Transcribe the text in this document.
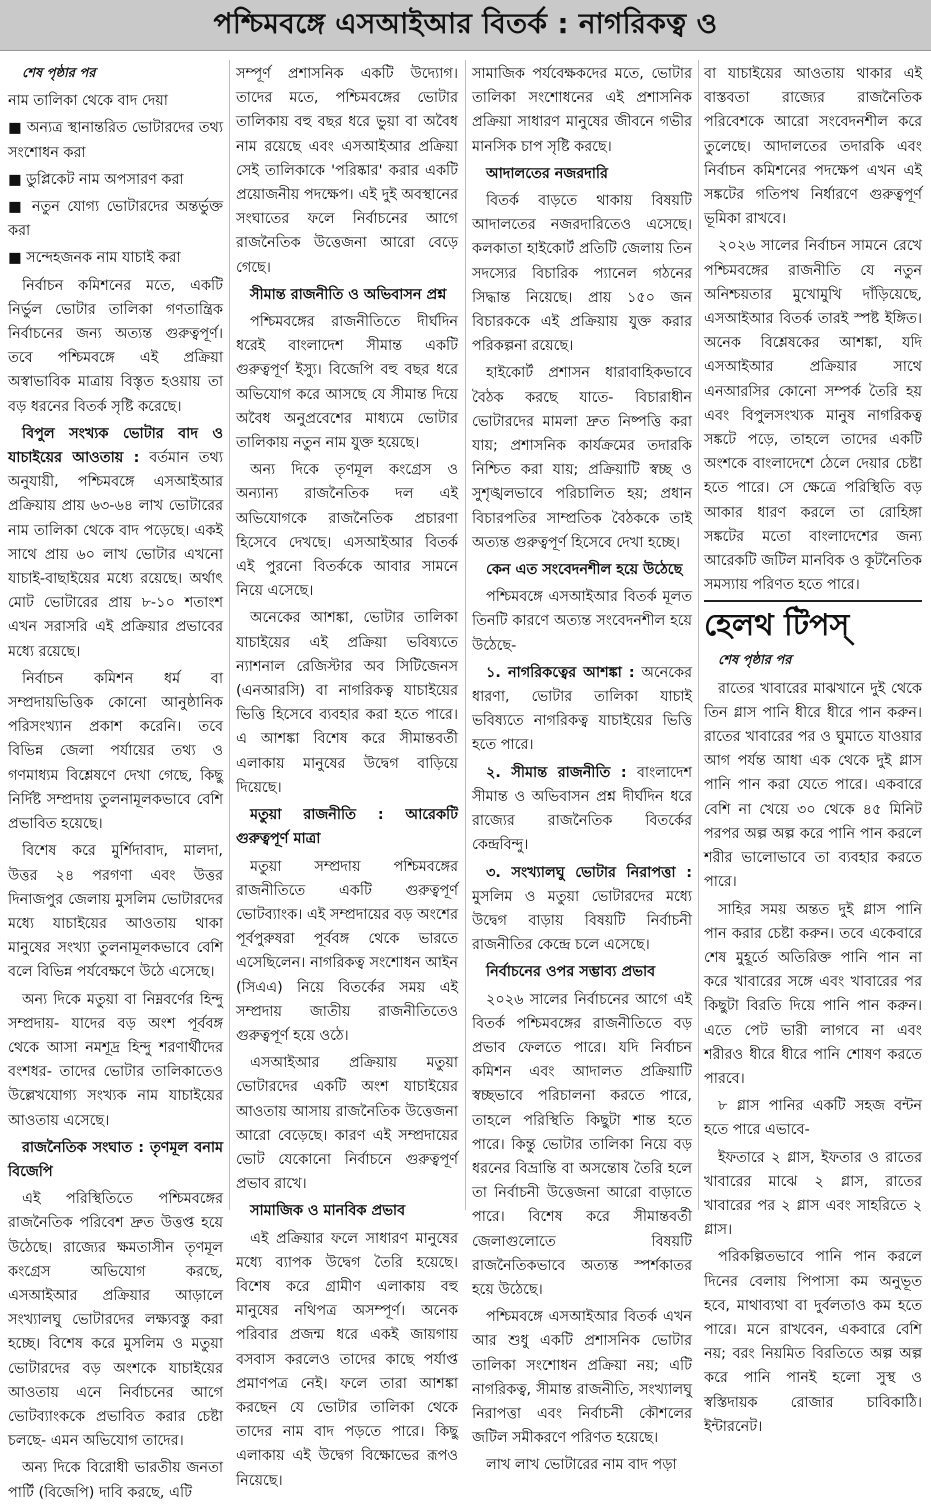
পশ্চিমবঙ্গে এসআইআর বিতর্ক : নাগরিকত্ব ও

শেষ পৃষ্ঠার পর

নাম তালিকা থেকে বাদ দেয়া

■ অন্যত্র স্থানান্তরিত ভোটারদের তথ্য সংশোধন করা

■ ডুপ্লিকেট নাম অপসারণ করা

■ নতুন যোগ্য ভোটারদের অন্তর্ভুক্ত করা

■ সন্দেহজনক নাম যাচাই করা

নির্বাচন কমিশনের মতে, একটি নির্ভুল ভোটার তালিকা গণতান্ত্রিক নির্বাচনের জন্য অত্যন্ত গুরুত্বপূর্ণ। তবে পশ্চিমবঙ্গে এই প্রক্রিয়া অস্বাভাবিক মাত্রায় বিস্তৃত হওয়ায় তা বড় ধরনের বিতর্ক সৃষ্টি করেছে।

বিপুল সংখ্যক ভোটার বাদ ও যাচাইয়ের আওতায় : বর্তমান তথ্য অনুযায়ী, পশ্চিমবঙ্গে এসআইআর প্রক্রিয়ায় প্রায় ৬৩-৬৪ লাখ ভোটারের নাম তালিকা থেকে বাদ পড়েছে। একই সাথে প্রায় ৬০ লাখ ভোটার এখনো যাচাই-বাছাইয়ের মধ্যে রয়েছে। অর্থাৎ মোট ভোটারের প্রায় ৮-১০ শতাংশ এখন সরাসরি এই প্রক্রিয়ার প্রভাবের মধ্যে রয়েছে।

নির্বাচন কমিশন ধর্ম বা সম্প্রদায়ভিত্তিক কোনো আনুষ্ঠানিক পরিসংখ্যান প্রকাশ করেনি। তবে বিভিন্ন জেলা পর্যায়ের তথ্য ও গণমাধ্যম বিশ্লেষণে দেখা গেছে, কিছু নির্দিষ্ট সম্প্রদায় তুলনামূলকভাবে বেশি প্রভাবিত হয়েছে।

বিশেষ করে মুর্শিদাবাদ, মালদা, উত্তর ২৪ পরগণা এবং উত্তর দিনাজপুর জেলায় মুসলিম ভোটারদের মধ্যে যাচাইয়ের আওতায় থাকা মানুষের সংখ্যা তুলনামূলকভাবে বেশি বলে বিভিন্ন পর্যবেক্ষণে উঠে এসেছে।

অন্য দিকে মতুয়া বা নিম্নবর্ণের হিন্দু সম্প্রদায়- যাদের বড় অংশ পূর্ববঙ্গ থেকে আসা নমশূদ্র হিন্দু শরণার্থীদের বংশধর- তাদের ভোটার তালিকাতেও উল্লেখযোগ্য সংখ্যক নাম যাচাইয়ের আওতায় এসেছে।

রাজনৈতিক সংঘাত : তৃণমূল বনাম বিজেপি

এই পরিস্থিতিতে পশ্চিমবঙ্গের রাজনৈতিক পরিবেশ দ্রুত উত্তপ্ত হয়ে উঠেছে। রাজ্যের ক্ষমতাসীন তৃণমূল কংগ্রেস অভিযোগ করছে, এসআইআর প্রক্রিয়ার আড়ালে সংখ্যালঘু ভোটারদের লক্ষ্যবস্তু করা হচ্ছে। বিশেষ করে মুসলিম ও মতুয়া ভোটারদের বড় অংশকে যাচাইয়ের আওতায় এনে নির্বাচনের আগে ভোটব্যাংককে প্রভাবিত করার চেষ্টা চলছে- এমন অভিযোগ তাদের।

অন্য দিকে বিরোধী ভারতীয় জনতা পার্টি (বিজেপি) দাবি করছে, এটি

সম্পূর্ণ প্রশাসনিক একটি উদ্যোগ। তাদের মতে, পশ্চিমবঙ্গের ভোটার তালিকায় বহু বছর ধরে ভুয়া বা অবৈধ নাম রয়েছে এবং এসআইআর প্রক্রিয়া সেই তালিকাকে 'পরিষ্কার' করার একটি প্রয়োজনীয় পদক্ষেপ। এই দুই অবস্থানের সংঘাতের ফলে নির্বাচনের আগে রাজনৈতিক উত্তেজনা আরো বেড়ে গেছে।

সীমান্ত রাজনীতি ও অভিবাসন প্রশ্ন

পশ্চিমবঙ্গের রাজনীতিতে দীর্ঘদিন ধরেই বাংলাদেশ সীমান্ত একটি গুরুত্বপূর্ণ ইস্যু। বিজেপি বহু বছর ধরে অভিযোগ করে আসছে যে সীমান্ত দিয়ে অবৈধ অনুপ্রবেশের মাধ্যমে ভোটার তালিকায় নতুন নাম যুক্ত হয়েছে।

অন্য দিকে তৃণমূল কংগ্রেস ও অন্যান্য রাজনৈতিক দল এই অভিযোগকে রাজনৈতিক প্রচারণা হিসেবে দেখছে। এসআইআর বিতর্ক এই পুরনো বিতর্ককে আবার সামনে নিয়ে এসেছে।

অনেকের আশঙ্কা, ভোটার তালিকা যাচাইয়ের এই প্রক্রিয়া ভবিষ্যতে ন্যাশনাল রেজিস্টার অব সিটিজেনস (এনআরসি) বা নাগরিকত্ব যাচাইয়ের ভিত্তি হিসেবে ব্যবহার করা হতে পারে। এ আশঙ্কা বিশেষ করে সীমান্তবর্তী এলাকায় মানুষের উদ্বেগ বাড়িয়ে দিয়েছে।

মতুয়া রাজনীতি : আরেকটি গুরুত্বপূর্ণ মাত্রা

মতুয়া সম্প্রদায় পশ্চিমবঙ্গের রাজনীতিতে একটি গুরুত্বপূর্ণ ভোটব্যাংক। এই সম্প্রদায়ের বড় অংশের পূর্বপুরুষরা পূর্ববঙ্গ থেকে ভারতে এসেছিলেন। নাগরিকত্ব সংশোধন আইন (সিএএ) নিয়ে বিতর্কের সময় এই সম্প্রদায় জাতীয় রাজনীতিতেও গুরুত্বপূর্ণ হয়ে ওঠে।

এসআইআর প্রক্রিয়ায় মতুয়া ভোটারদের একটি অংশ যাচাইয়ের আওতায় আসায় রাজনৈতিক উত্তেজনা আরো বেড়েছে। কারণ এই সম্প্রদায়ের ভোট যেকোনো নির্বাচনে গুরুত্বপূর্ণ প্রভাব রাখে।

সামাজিক ও মানবিক প্রভাব

এই প্রক্রিয়ার ফলে সাধারণ মানুষের মধ্যে ব্যাপক উদ্বেগ তৈরি হয়েছে। বিশেষ করে গ্রামীণ এলাকায় বহু মানুষের নথিপত্র অসম্পূর্ণ। অনেক পরিবার প্রজন্ম ধরে একই জায়গায় বসবাস করলেও তাদের কাছে পর্যাপ্ত প্রমাণপত্র নেই। ফলে তারা আশঙ্কা করছেন যে ভোটার তালিকা থেকে তাদের নাম বাদ পড়তে পারে। কিছু এলাকায় এই উদ্বেগ বিক্ষোভের রূপও নিয়েছে।

সামাজিক পর্যবেক্ষকদের মতে, ভোটার তালিকা সংশোধনের এই প্রশাসনিক প্রক্রিয়া সাধারণ মানুষের জীবনে গভীর মানসিক চাপ সৃষ্টি করছে।

আদালতের নজরদারি

বিতর্ক বাড়তে থাকায় বিষয়টি আদালতের নজরদারিতেও এসেছে। কলকাতা হাইকোর্ট প্রতিটি জেলায় তিন সদস্যের বিচারিক প্যানেল গঠনের সিদ্ধান্ত নিয়েছে। প্রায় ১৫০ জন বিচারককে এই প্রক্রিয়ায় যুক্ত করার পরিকল্পনা রয়েছে।

হাইকোর্ট প্রশাসন ধারাবাহিকভাবে বৈঠক করছে যাতে- বিচারাধীন ভোটারদের মামলা দ্রুত নিষ্পত্তি করা যায়; প্রশাসনিক কার্যক্রমের তদারকি নিশ্চিত করা যায়; প্রক্রিয়াটি স্বচ্ছ ও সুশৃঙ্খলভাবে পরিচালিত হয়; প্রধান বিচারপতির সাম্প্রতিক বৈঠককে তাই অত্যন্ত গুরুত্বপূর্ণ হিসেবে দেখা হচ্ছে।

কেন এত সংবেদনশীল হয়ে উঠেছে

পশ্চিমবঙ্গে এসআইআর বিতর্ক মূলত তিনটি কারণে অত্যন্ত সংবেদনশীল হয়ে উঠেছে-

১. নাগরিকত্বের আশঙ্কা : অনেকের ধারণা, ভোটার তালিকা যাচাই ভবিষ্যতে নাগরিকত্ব যাচাইয়ের ভিত্তি হতে পারে।

২. সীমান্ত রাজনীতি : বাংলাদেশ সীমান্ত ও অভিবাসন প্রশ্ন দীর্ঘদিন ধরে রাজ্যের রাজনৈতিক বিতর্কের কেন্দ্রবিন্দু।

৩. সংখ্যালঘু ভোটার নিরাপত্তা : মুসলিম ও মতুয়া ভোটারদের মধ্যে উদ্বেগ বাড়ায় বিষয়টি নির্বাচনী রাজনীতির কেন্দ্রে চলে এসেছে।

নির্বাচনের ওপর সম্ভাব্য প্রভাব

২০২৬ সালের নির্বাচনের আগে এই বিতর্ক পশ্চিমবঙ্গের রাজনীতিতে বড় প্রভাব ফেলতে পারে। যদি নির্বাচন কমিশন এবং আদালত প্রক্রিয়াটি স্বচ্ছভাবে পরিচালনা করতে পারে, তাহলে পরিস্থিতি কিছুটা শান্ত হতে পারে। কিন্তু ভোটার তালিকা নিয়ে বড় ধরনের বিভ্রান্তি বা অসন্তোষ তৈরি হলে তা নির্বাচনী উত্তেজনা আরো বাড়াতে পারে। বিশেষ করে সীমান্তবর্তী জেলাগুলোতে বিষয়টি রাজনৈতিকভাবে অত্যন্ত স্পর্শকাতর হয়ে উঠেছে।

পশ্চিমবঙ্গে এসআইআর বিতর্ক এখন আর শুধু একটি প্রশাসনিক ভোটার তালিকা সংশোধন প্রক্রিয়া নয়; এটি নাগরিকত্ব, সীমান্ত রাজনীতি, সংখ্যালঘু নিরাপত্তা এবং নির্বাচনী কৌশলের জটিল সমীকরণে পরিণত হয়েছে।

লাখ লাখ ভোটারের নাম বাদ পড়া

বা যাচাইয়ের আওতায় থাকার এই বাস্তবতা রাজ্যের রাজনৈতিক পরিবেশকে আরো সংবেদনশীল করে তুলেছে। আদালতের তদারকি এবং নির্বাচন কমিশনের পদক্ষেপ এখন এই সঙ্কটের গতিপথ নির্ধারণে গুরুত্বপূর্ণ ভূমিকা রাখবে।

২০২৬ সালের নির্বাচন সামনে রেখে পশ্চিমবঙ্গের রাজনীতি যে নতুন অনিশ্চয়তার মুখোমুখি দাঁড়িয়েছে, এসআইআর বিতর্ক তারই স্পষ্ট ইঙ্গিত। অনেক বিশ্লেষকের আশঙ্কা, যদি এসআইআর প্রক্রিয়ার সাথে এনআরসির কোনো সম্পর্ক তৈরি হয় এবং বিপুলসংখ্যক মানুষ নাগরিকত্ব সঙ্কটে পড়ে, তাহলে তাদের একটি অংশকে বাংলাদেশে ঠেলে দেয়ার চেষ্টা হতে পারে। সে ক্ষেত্রে পরিস্থিতি বড় আকার ধারণ করলে তা রোহিঙ্গা সঙ্কটের মতো বাংলাদেশের জন্য আরেকটি জটিল মানবিক ও কূটনৈতিক সমস্যায় পরিণত হতে পারে।

হেলথ টিপস্

শেষ পৃষ্ঠার পর

রাতের খাবারের মাঝখানে দুই থেকে তিন গ্লাস পানি ধীরে ধীরে পান করুন। রাতের খাবারের পর ও ঘুমাতে যাওয়ার আগ পর্যন্ত আধা এক থেকে দুই গ্লাস পানি পান করা যেতে পারে। একবারে বেশি না খেয়ে ৩০ থেকে ৪৫ মিনিট পরপর অল্প অল্প করে পানি পান করলে শরীর ভালোভাবে তা ব্যবহার করতে পারে।

সাহির সময় অন্তত দুই গ্লাস পানি পান করার চেষ্টা করুন। তবে একেবারে শেষ মুহূর্তে অতিরিক্ত পানি পান না করে খাবারের সঙ্গে এবং খাবারের পর কিছুটা বিরতি দিয়ে পানি পান করুন। এতে পেট ভারী লাগবে না এবং শরীরও ধীরে ধীরে পানি শোষণ করতে পারবে।

৮ গ্লাস পানির একটি সহজ বন্টন হতে পারে এভাবে-

ইফতারে ২ গ্লাস, ইফতার ও রাতের খাবারের মাঝে ২ গ্লাস, রাতের খাবারের পর ২ গ্লাস এবং সাহরিতে ২ গ্লাস।

পরিকল্পিতভাবে পানি পান করলে দিনের বেলায় পিপাসা কম অনুভূত হবে, মাথাব্যথা বা দুর্বলতাও কম হতে পারে। মনে রাখবেন, একবারে বেশি নয়; বরং নিয়মিত বিরতিতে অল্প অল্প করে পানি পানই হলো সুস্থ ও স্বস্তিদায়ক রোজার চাবিকাঠি। ইন্টারনেট।
